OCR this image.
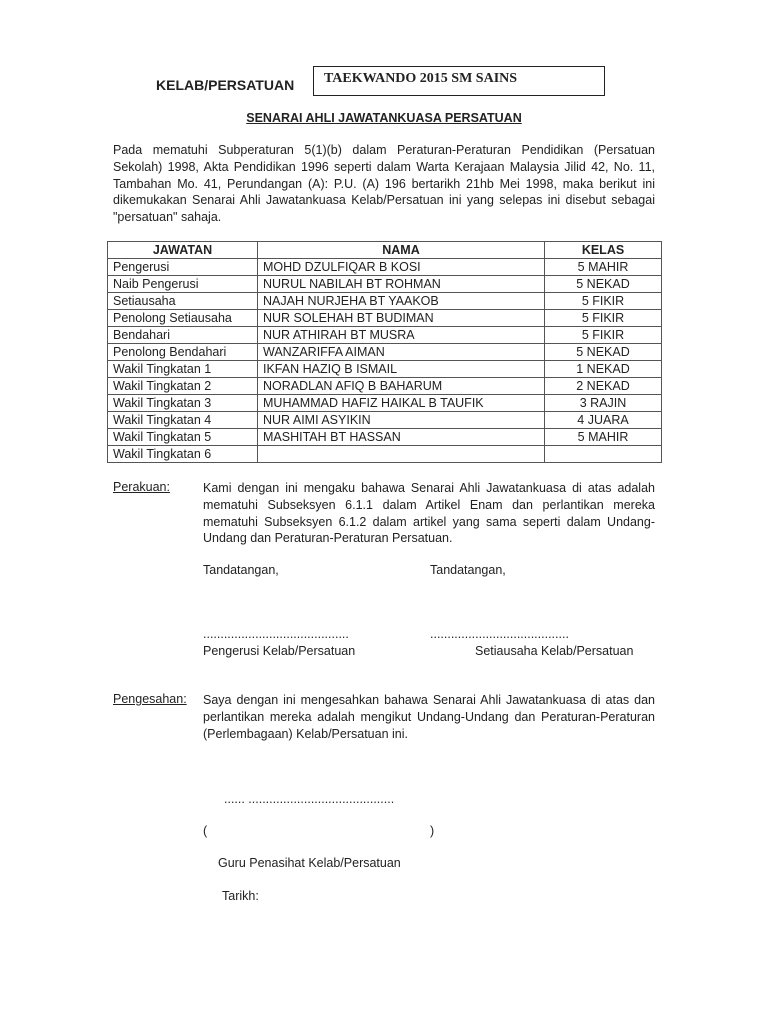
KELAB/PERSATUAN TAEKWANDO 2015 SM SAINS
SENARAI AHLI JAWATANKUASA PERSATUAN
Pada mematuhi Subperaturan 5(1)(b) dalam Peraturan-Peraturan Pendidikan (Persatuan Sekolah) 1998, Akta Pendidikan 1996 seperti dalam Warta Kerajaan Malaysia Jilid 42, No. 11, Tambahan Mo. 41, Perundangan (A): P.U. (A) 196 bertarikh 21hb Mei 1998, maka berikut ini dikemukakan Senarai Ahli Jawatankuasa Kelab/Persatuan ini yang selepas ini disebut sebagai "persatuan" sahaja.
JAWATAN	NAMA	KELAS
Pengerusi	MOHD DZULFIQAR B KOSI	5 MAHIR
Naib Pengerusi	NURUL NABILAH BT ROHMAN	5 NEKAD
Setiausaha	NAJAH NURJEHA BT YAAKOB	5 FIKIR
Penolong Setiausaha	NUR SOLEHAH BT BUDIMAN	5 FIKIR
Bendahari	NUR ATHIRAH BT MUSRA	5 FIKIR
Penolong Bendahari	WANZARIFFA AIMAN	5 NEKAD
Wakil Tingkatan 1	IKFAN HAZIQ B ISMAIL	1 NEKAD
Wakil Tingkatan 2	NORADLAN AFIQ B BAHARUM	2 NEKAD
Wakil Tingkatan 3	MUHAMMAD HAFIZ HAIKAL B TAUFIK	3 RAJIN
Wakil Tingkatan 4	NUR AIMI ASYIKIN	4 JUARA
Wakil Tingkatan 5	MASHITAH BT HASSAN	5 MAHIR
Wakil Tingkatan 6		
Perakuan:	Kami dengan ini mengaku bahawa Senarai Ahli Jawatankuasa di atas adalah mematuhi Subseksyen 6.1.1 dalam Artikel Enam dan perlantikan mereka mematuhi Subseksyen 6.1.2 dalam artikel yang sama seperti dalam Undang-Undang dan Peraturan-Peraturan Persatuan.
Tandatangan,	Tandatangan,
..........................................	........................................
Pengerusi Kelab/Persatuan	Setiausaha Kelab/Persatuan
Pengesahan: Saya dengan ini mengesahkan bahawa Senarai Ahli Jawatankuasa di atas dan perlantikan mereka adalah mengikut Undang-Undang dan Peraturan-Peraturan (Perlembagaan) Kelab/Persatuan ini.
...... ..........................................
(	)
Guru Penasihat Kelab/Persatuan
Tarikh:
